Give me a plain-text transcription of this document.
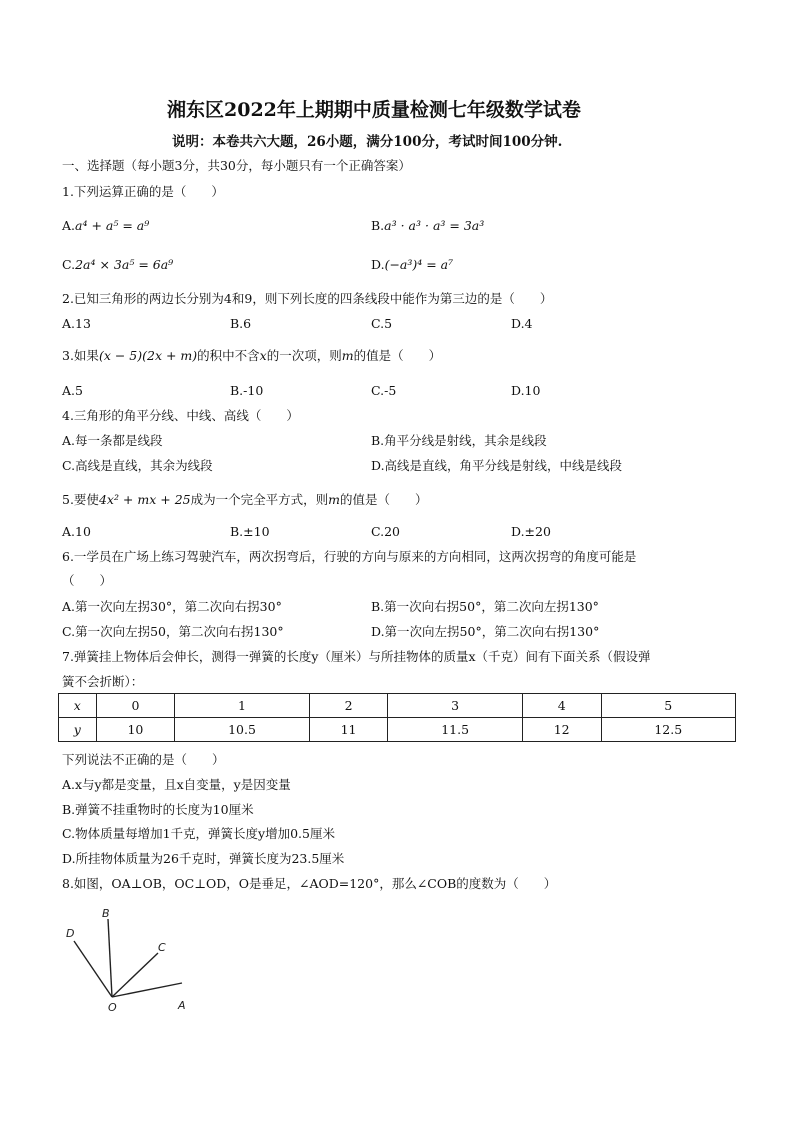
湘东区2022年上期期中质量检测七年级数学试卷
说明：本卷共六大题，26小题，满分100分，考试时间100分钟.
一、选择题（每小题3分，共30分，每小题只有一个正确答案）
1.下列运算正确的是（　　）
A.a⁴ + a⁵ = a⁹	B.a³ · a³ · a³ = 3a³
C.2a⁴ × 3a⁵ = 6a⁹	D.(−a³)⁴ = a⁷
2.已知三角形的两边长分别为4和9，则下列长度的四条线段中能作为第三边的是（　　）
A.13	B.6	C.5	D.4
3.如果(x − 5)(2x + m)的积中不含x的一次项，则m的值是（　　）
A.5	B.-10	C.-5	D.10
4.三角形的角平分线、中线、高线（　　）
A.每一条都是线段	B.角平分线是射线，其余是线段
C.高线是直线，其余为线段	D.高线是直线，角平分线是射线，中线是线段
5.要使4x² + mx + 25成为一个完全平方式，则m的值是（　　）
A.10	B.±10	C.20	D.±20
6.一学员在广场上练习驾驶汽车，两次拐弯后，行驶的方向与原来的方向相同，这两次拐弯的角度可能是
（　　）
A.第一次向左拐30°，第二次向右拐30°	B.第一次向右拐50°，第二次向左拐130°
C.第一次向左拐50，第二次向右拐130°	D.第一次向左拐50°，第二次向右拐130°
7.弹簧挂上物体后会伸长，测得一弹簧的长度y（厘米）与所挂物体的质量x（千克）间有下面关系（假设弹
簧不会折断）：
x	0	1	2	3	4	5
y	10	10.5	11	11.5	12	12.5
下列说法不正确的是（　　）
A.x与y都是变量，且x自变量，y是因变量
B.弹簧不挂重物时的长度为10厘米
C.物体质量每增加1千克，弹簧长度y增加0.5厘米
D.所挂物体质量为26千克时，弹簧长度为23.5厘米
8.如图，OA⊥OB，OC⊥OD，O是垂足，∠AOD=120°，那么∠COB的度数为（　　）
B
D
C
O	A
